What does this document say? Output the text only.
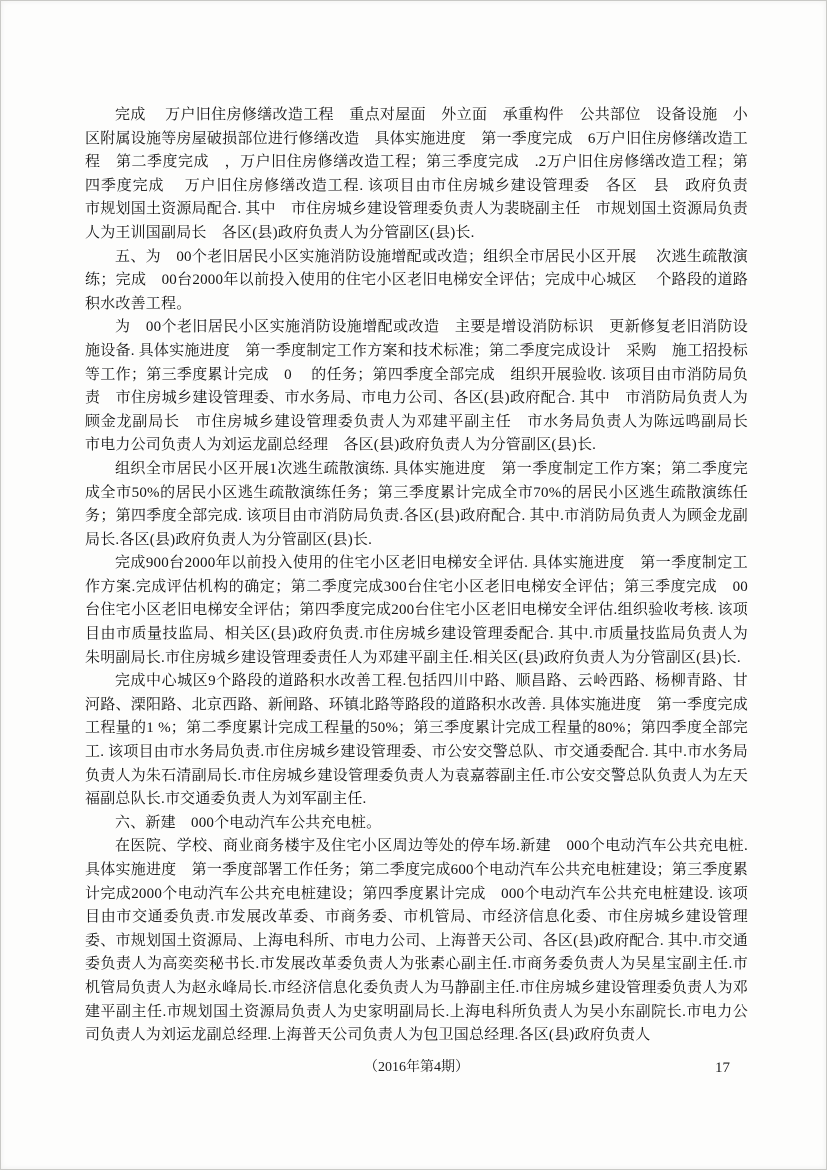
完成　 万户旧住房修缮改造工程　重点对屋面　外立面　承重构件　公共部位　设备设施　小区附属设施等房屋破损部位进行修缮改造　具体实施进度　第一季度完成　6万户旧住房修缮改造工程　第二季度完成　，万户旧住房修缮改造工程；第三季度完成　.2万户旧住房修缮改造工程；第四季度完成　 万户旧住房修缮改造工程. 该项目由市住房城乡建设管理委　各区　县　政府负责　市规划国土资源局配合. 其中　市住房城乡建设管理委负责人为裴晓副主任　市规划国土资源局负责人为王训国副局长　各区(县)政府负责人为分管副区(县)长.

五、为　00个老旧居民小区实施消防设施增配或改造；组织全市居民小区开展　 次逃生疏散演练；完成　00台2000年以前投入使用的住宅小区老旧电梯安全评估；完成中心城区　 个路段的道路积水改善工程。

为　00个老旧居民小区实施消防设施增配或改造　主要是增设消防标识　更新修复老旧消防设施设备. 具体实施进度　第一季度制定工作方案和技术标准；第二季度完成设计　采购　施工招投标等工作；第三季度累计完成　0　 的任务；第四季度全部完成　组织开展验收. 该项目由市消防局负责　市住房城乡建设管理委、市水务局、市电力公司、各区(县)政府配合. 其中　市消防局负责人为顾金龙副局长　市住房城乡建设管理委负责人为邓建平副主任　市水务局负责人为陈远鸣副局长　市电力公司负责人为刘运龙副总经理　各区(县)政府负责人为分管副区(县)长.

组织全市居民小区开展1次逃生疏散演练. 具体实施进度　第一季度制定工作方案；第二季度完成全市50%的居民小区逃生疏散演练任务；第三季度累计完成全市70%的居民小区逃生疏散演练任务；第四季度全部完成. 该项目由市消防局负责.各区(县)政府配合. 其中.市消防局负责人为顾金龙副局长.各区(县)政府负责人为分管副区(县)长.

完成900台2000年以前投入使用的住宅小区老旧电梯安全评估. 具体实施进度　第一季度制定工作方案.完成评估机构的确定；第二季度完成300台住宅小区老旧电梯安全评估；第三季度完成　00台住宅小区老旧电梯安全评估；第四季度完成200台住宅小区老旧电梯安全评估.组织验收考核. 该项目由市质量技监局、相关区(县)政府负责.市住房城乡建设管理委配合. 其中.市质量技监局负责人为朱明副局长.市住房城乡建设管理委责任人为邓建平副主任.相关区(县)政府负责人为分管副区(县)长.

完成中心城区9个路段的道路积水改善工程.包括四川中路、顺昌路、云岭西路、杨柳青路、甘河路、溧阳路、北京西路、新闸路、环镇北路等路段的道路积水改善. 具体实施进度　第一季度完成工程量的1 %；第二季度累计完成工程量的50%；第三季度累计完成工程量的80%；第四季度全部完工. 该项目由市水务局负责.市住房城乡建设管理委、市公安交警总队、市交通委配合. 其中.市水务局负责人为朱石清副局长.市住房城乡建设管理委负责人为袁嘉蓉副主任.市公安交警总队负责人为左天福副总队长.市交通委负责人为刘军副主任.

六、新建　000个电动汽车公共充电桩。

在医院、学校、商业商务楼宇及住宅小区周边等处的停车场.新建　000个电动汽车公共充电桩. 具体实施进度　第一季度部署工作任务；第二季度完成600个电动汽车公共充电桩建设；第三季度累计完成2000个电动汽车公共充电桩建设；第四季度累计完成　000个电动汽车公共充电桩建设. 该项目由市交通委负责.市发展改革委、市商务委、市机管局、市经济信息化委、市住房城乡建设管理委、市规划国土资源局、上海电科所、市电力公司、上海普天公司、各区(县)政府配合. 其中.市交通委负责人为高奕奕秘书长.市发展改革委负责人为张素心副主任.市商务委负责人为吴星宝副主任.市机管局负责人为赵永峰局长.市经济信息化委负责人为马静副主任.市住房城乡建设管理委负责人为邓建平副主任.市规划国土资源局负责人为史家明副局长.上海电科所负责人为吴小东副院长.市电力公司负责人为刘运龙副总经理.上海普天公司负责人为包卫国总经理.各区(县)政府负责人

（2016年第4期）	17
